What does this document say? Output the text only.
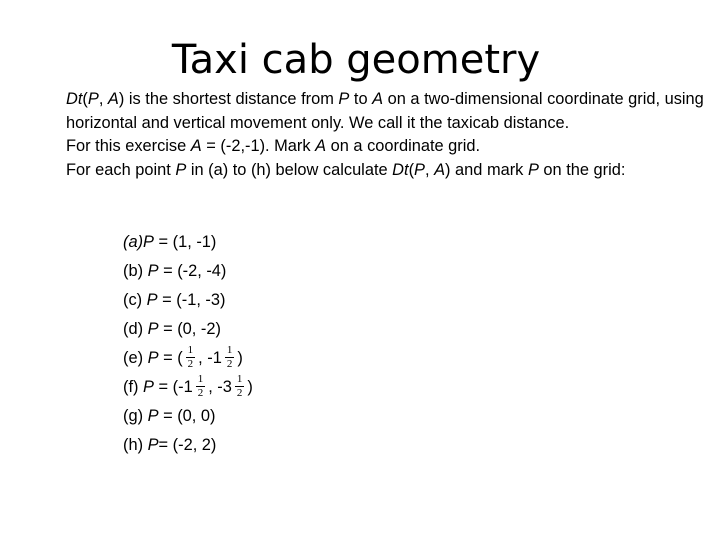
Taxi cab geometry

Dt(P, A) is the shortest distance from P to A on a two-dimensional coordinate grid, using horizontal and vertical movement only. We call it the taxicab distance.

For this exercise A = (-2,-1). Mark A on a coordinate grid.

For each point P in (a) to (h) below calculate Dt(P, A) and mark P on the grid:

(a)P = (1, -1)
(b) P = (-2, -4)
(c) P = (-1, -3)
(d) P = (0, -2)
(e) P = ( $\frac{1}{2}$ , $-1 \frac{1}{2}$ )
(f) $P = (-1 \frac{1}{2}$ , $-3 \frac{1}{2}$ )
(g) P = (0, 0)
(h) P= (-2, 2)
